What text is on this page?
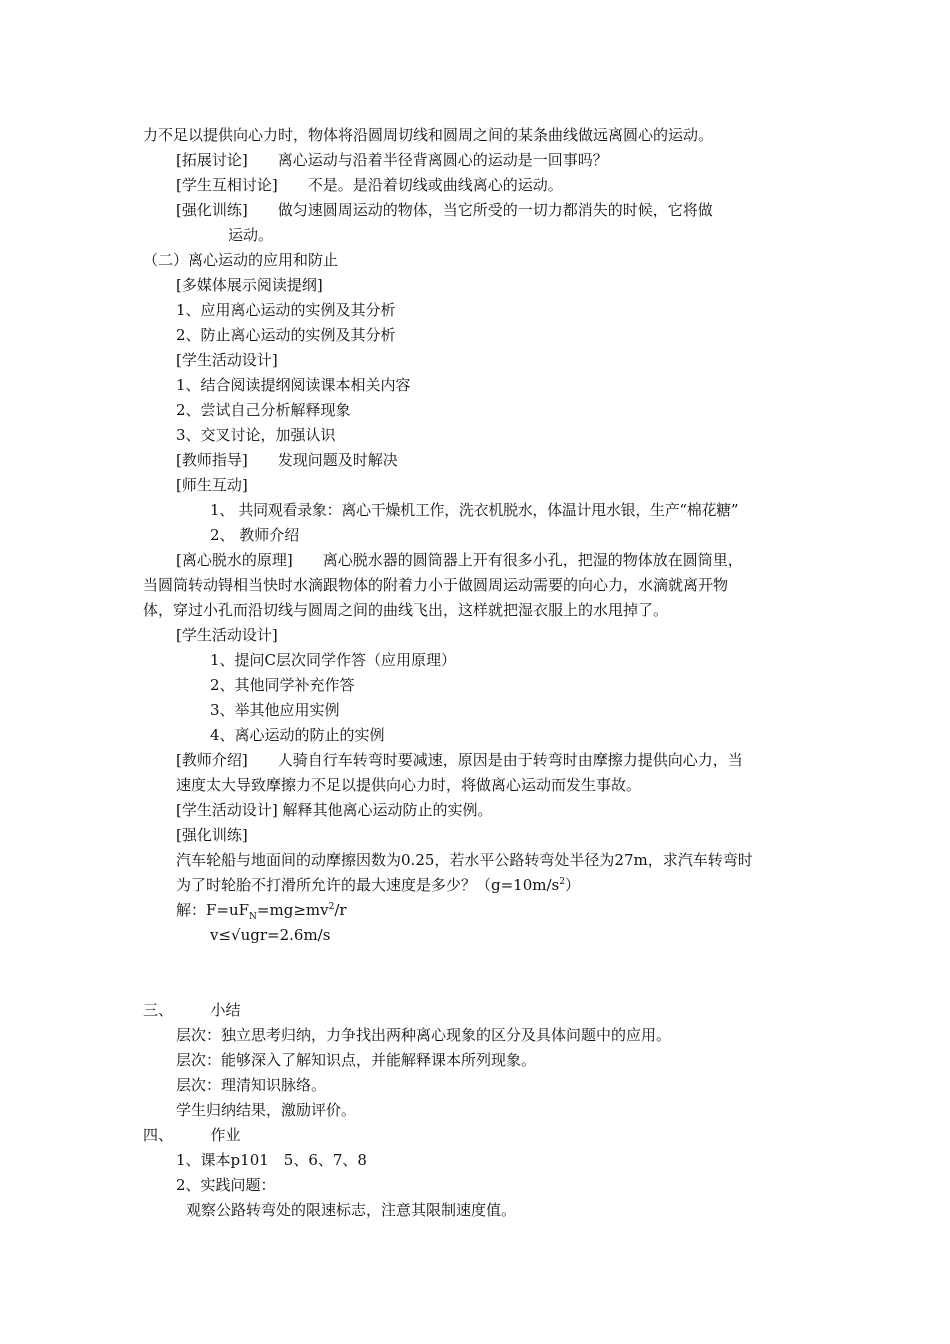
力不足以提供向心力时，物体将沿圆周切线和圆周之间的某条曲线做远离圆心的运动。
[拓展讨论]　　离心运动与沿着半径背离圆心的运动是一回事吗？
[学生互相讨论]　　不是。是沿着切线或曲线离心的运动。
[强化训练]　　做匀速圆周运动的物体，当它所受的一切力都消失的时候，它将做
运动。
（二）离心运动的应用和防止
[多媒体展示阅读提纲]
1、应用离心运动的实例及其分析
2、防止离心运动的实例及其分析
[学生活动设计]
1、结合阅读提纲阅读课本相关内容
2、尝试自己分析解释现象
3、交叉讨论，加强认识
[教师指导]　　发现问题及时解决
[师生互动]
1、 共同观看录象：离心干燥机工作，洗衣机脱水，体温计甩水银，生产“棉花糖”
2、 教师介绍
[离心脱水的原理]　　离心脱水器的圆筒器上开有很多小孔，把湿的物体放在圆筒里，
当圆筒转动锝相当快时水滴跟物体的附着力小于做圆周运动需要的向心力，水滴就离开物
体，穿过小孔而沿切线与圆周之间的曲线飞出，这样就把湿衣服上的水甩掉了。
[学生活动设计]
1、提问C层次同学作答（应用原理）
2、其他同学补充作答
3、举其他应用实例
4、离心运动的防止的实例
[教师介绍]　　人骑自行车转弯时要减速，原因是由于转弯时由摩擦力提供向心力，当
速度太大导致摩擦力不足以提供向心力时，将做离心运动而发生事故。
[学生活动设计] 解释其他离心运动防止的实例。
[强化训练]
汽车轮船与地面间的动摩擦因数为0.25，若水平公路转弯处半径为27m，求汽车转弯时
为了时轮胎不打滑所允许的最大速度是多少？$(g=10m/s^2)$
解：$F=uF_N=mg\ge mv^2/r$
v≤√ugr=2.6m/s
三、　　　小结
层次：独立思考归纳，力争找出两种离心现象的区分及具体问题中的应用。
层次：能够深入了解知识点，并能解释课本所列现象。
层次：理清知识脉络。
学生归纳结果，激励评价。
四、　　　作业
1、课本p101　5、6、7、8
2、实践问题：
观察公路转弯处的限速标志，注意其限制速度值。
